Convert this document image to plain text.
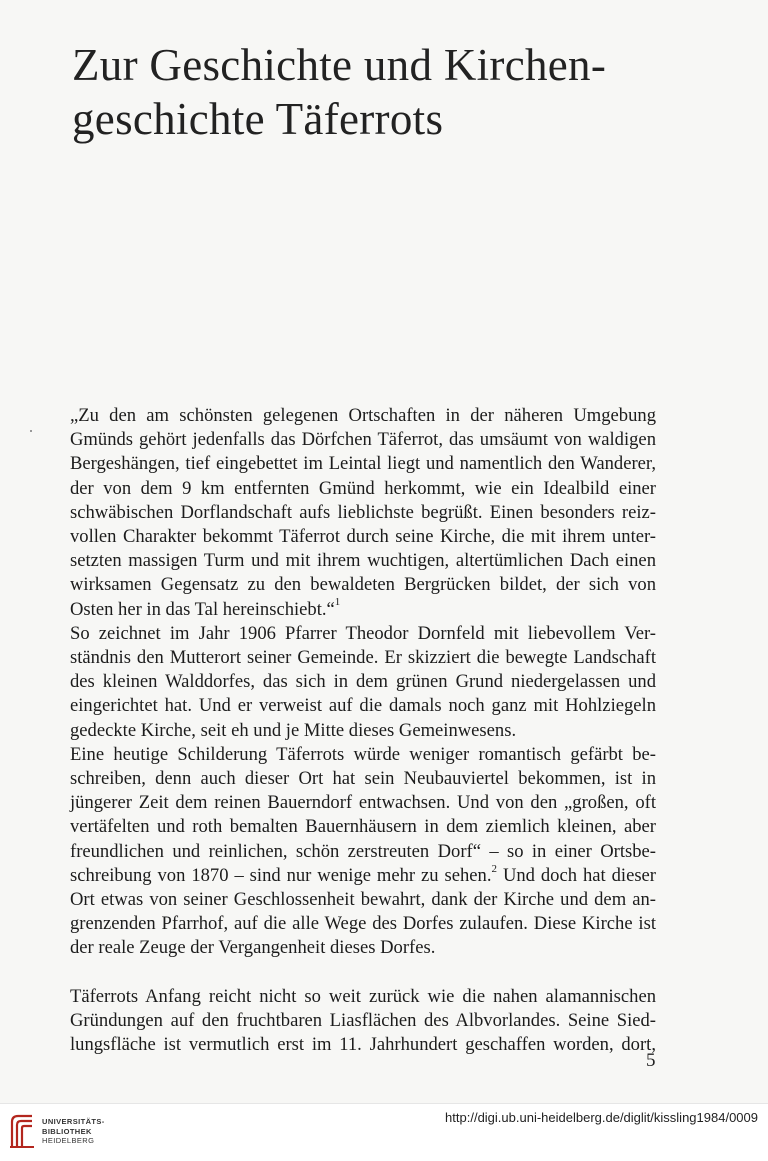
Zur Geschichte und Kirchen-
geschichte Täferrots
„Zu den am schönsten gelegenen Ortschaften in der näheren Umgebung
Gmünds gehört jedenfalls das Dörfchen Täferrot, das umsäumt von waldigen
Bergeshängen, tief eingebettet im Leintal liegt und namentlich den Wanderer,
der von dem 9 km entfernten Gmünd herkommt, wie ein Idealbild einer
schwäbischen Dorflandschaft aufs lieblichste begrüßt. Einen besonders reiz-
vollen Charakter bekommt Täferrot durch seine Kirche, die mit ihrem unter-
setzten massigen Turm und mit ihrem wuchtigen, altertümlichen Dach einen
wirksamen Gegensatz zu den bewaldeten Bergrücken bildet, der sich von
Osten her in das Tal hereinschiebt.“$^1$
So zeichnet im Jahr 1906 Pfarrer Theodor Dornfeld mit liebevollem Ver-
ständnis den Mutterort seiner Gemeinde. Er skizziert die bewegte Landschaft
des kleinen Walddorfes, das sich in dem grünen Grund niedergelassen und
eingerichtet hat. Und er verweist auf die damals noch ganz mit Hohlziegeln
gedeckte Kirche, seit eh und je Mitte dieses Gemeinwesens.
Eine heutige Schilderung Täferrots würde weniger romantisch gefärbt be-
schreiben, denn auch dieser Ort hat sein Neubauviertel bekommen, ist in
jüngerer Zeit dem reinen Bauerndorf entwachsen. Und von den „großen, oft
vertäfelten und roth bemalten Bauernhäusern in dem ziemlich kleinen, aber
freundlichen und reinlichen, schön zerstreuten Dorf“ – so in einer Ortsbe-
schreibung von 1870 – sind nur wenige mehr zu sehen.$^2$ Und doch hat dieser
Ort etwas von seiner Geschlossenheit bewahrt, dank der Kirche und dem an-
grenzenden Pfarrhof, auf die alle Wege des Dorfes zulaufen. Diese Kirche ist
der reale Zeuge der Vergangenheit dieses Dorfes.
Täferrots Anfang reicht nicht so weit zurück wie die nahen alamannischen
Gründungen auf den fruchtbaren Liasflächen des Albvorlandes. Seine Sied-
lungsfläche ist vermutlich erst im 11. Jahrhundert geschaffen worden, dort,
5
UNIVERSITÄTS-
BIBLIOTHEK
HEIDELBERG
http://digi.ub.uni-heidelberg.de/diglit/kissling1984/0009
